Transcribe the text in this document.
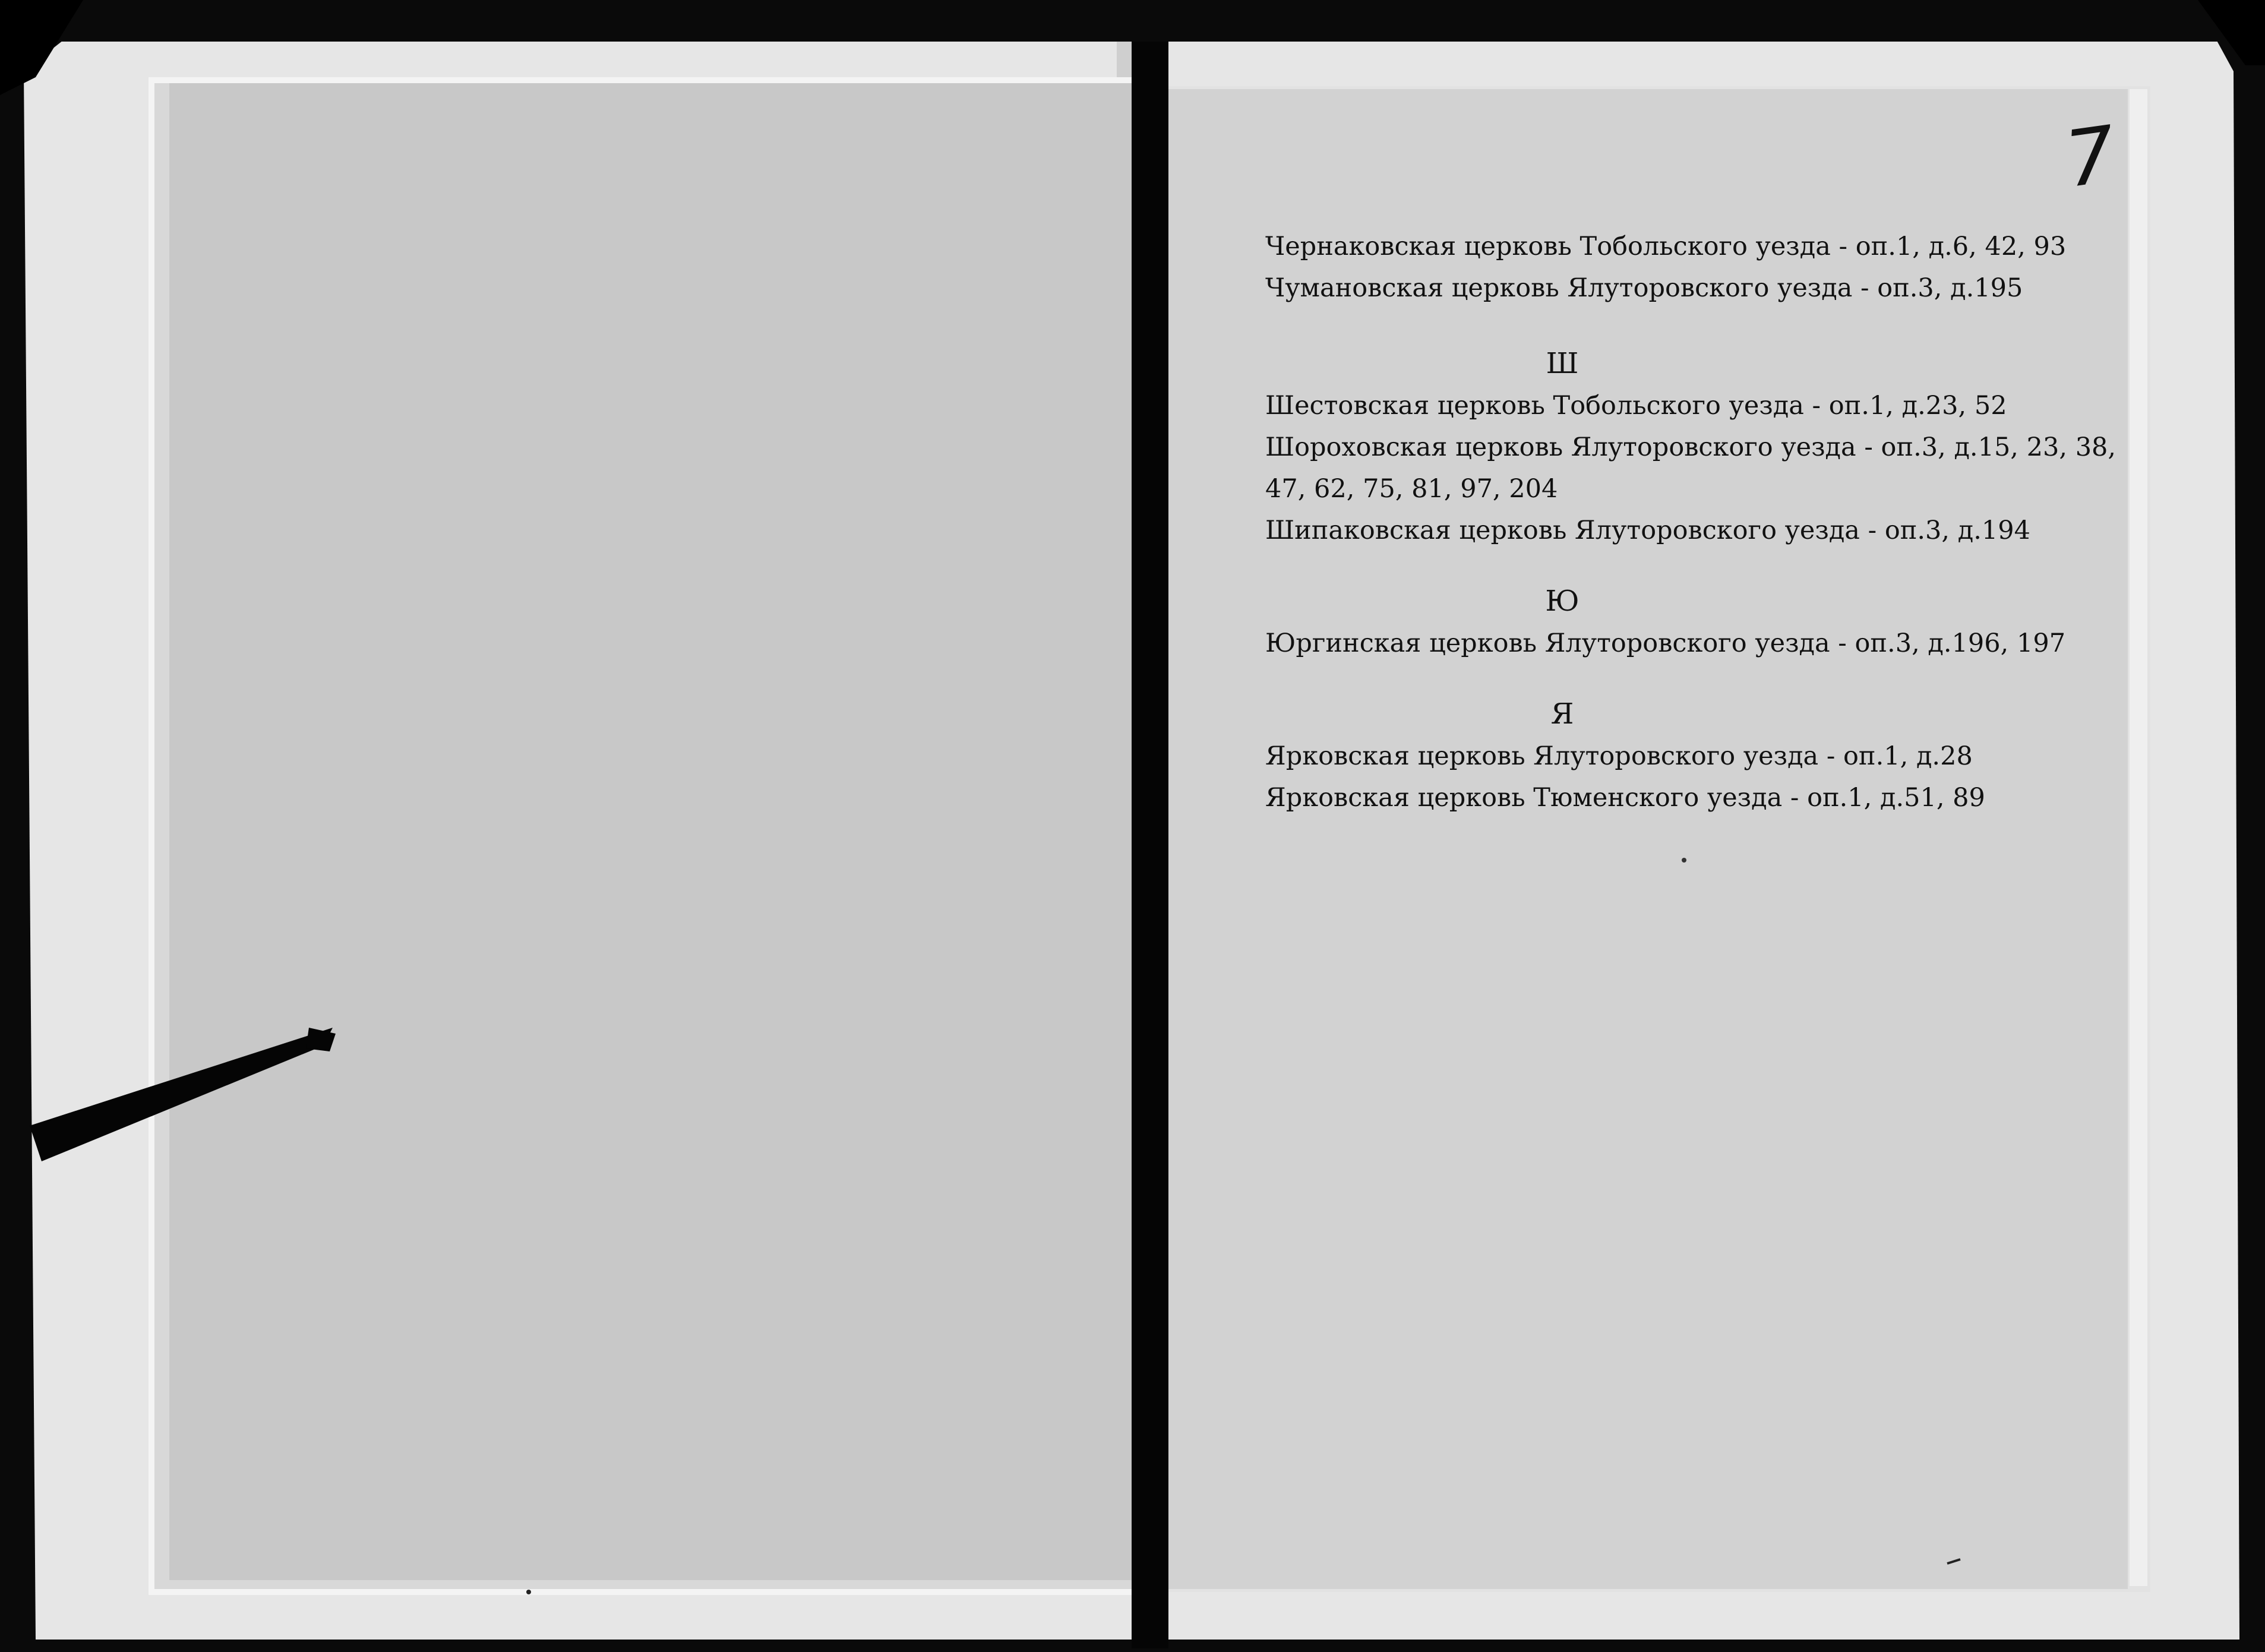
7
Чернаковская церковь Тобольского уезда - оп.1, д.6, 42, 93
Чумановская церковь Ялуторовского уезда - оп.3, д.195
Ш
Шестовская церковь Тобольского уезда - оп.1, д.23, 52
Шороховская церковь Ялуторовского уезда - оп.3, д.15, 23, 38,
47, 62, 75, 81, 97, 204
Шипаковская церковь Ялуторовского уезда - оп.3, д.194
Ю
Юргинская церковь Ялуторовского уезда - оп.3, д.196, 197
Я
Ярковская церковь Ялуторовского уезда - оп.1, д.28
Ярковская церковь Тюменского уезда - оп.1, д.51, 89
